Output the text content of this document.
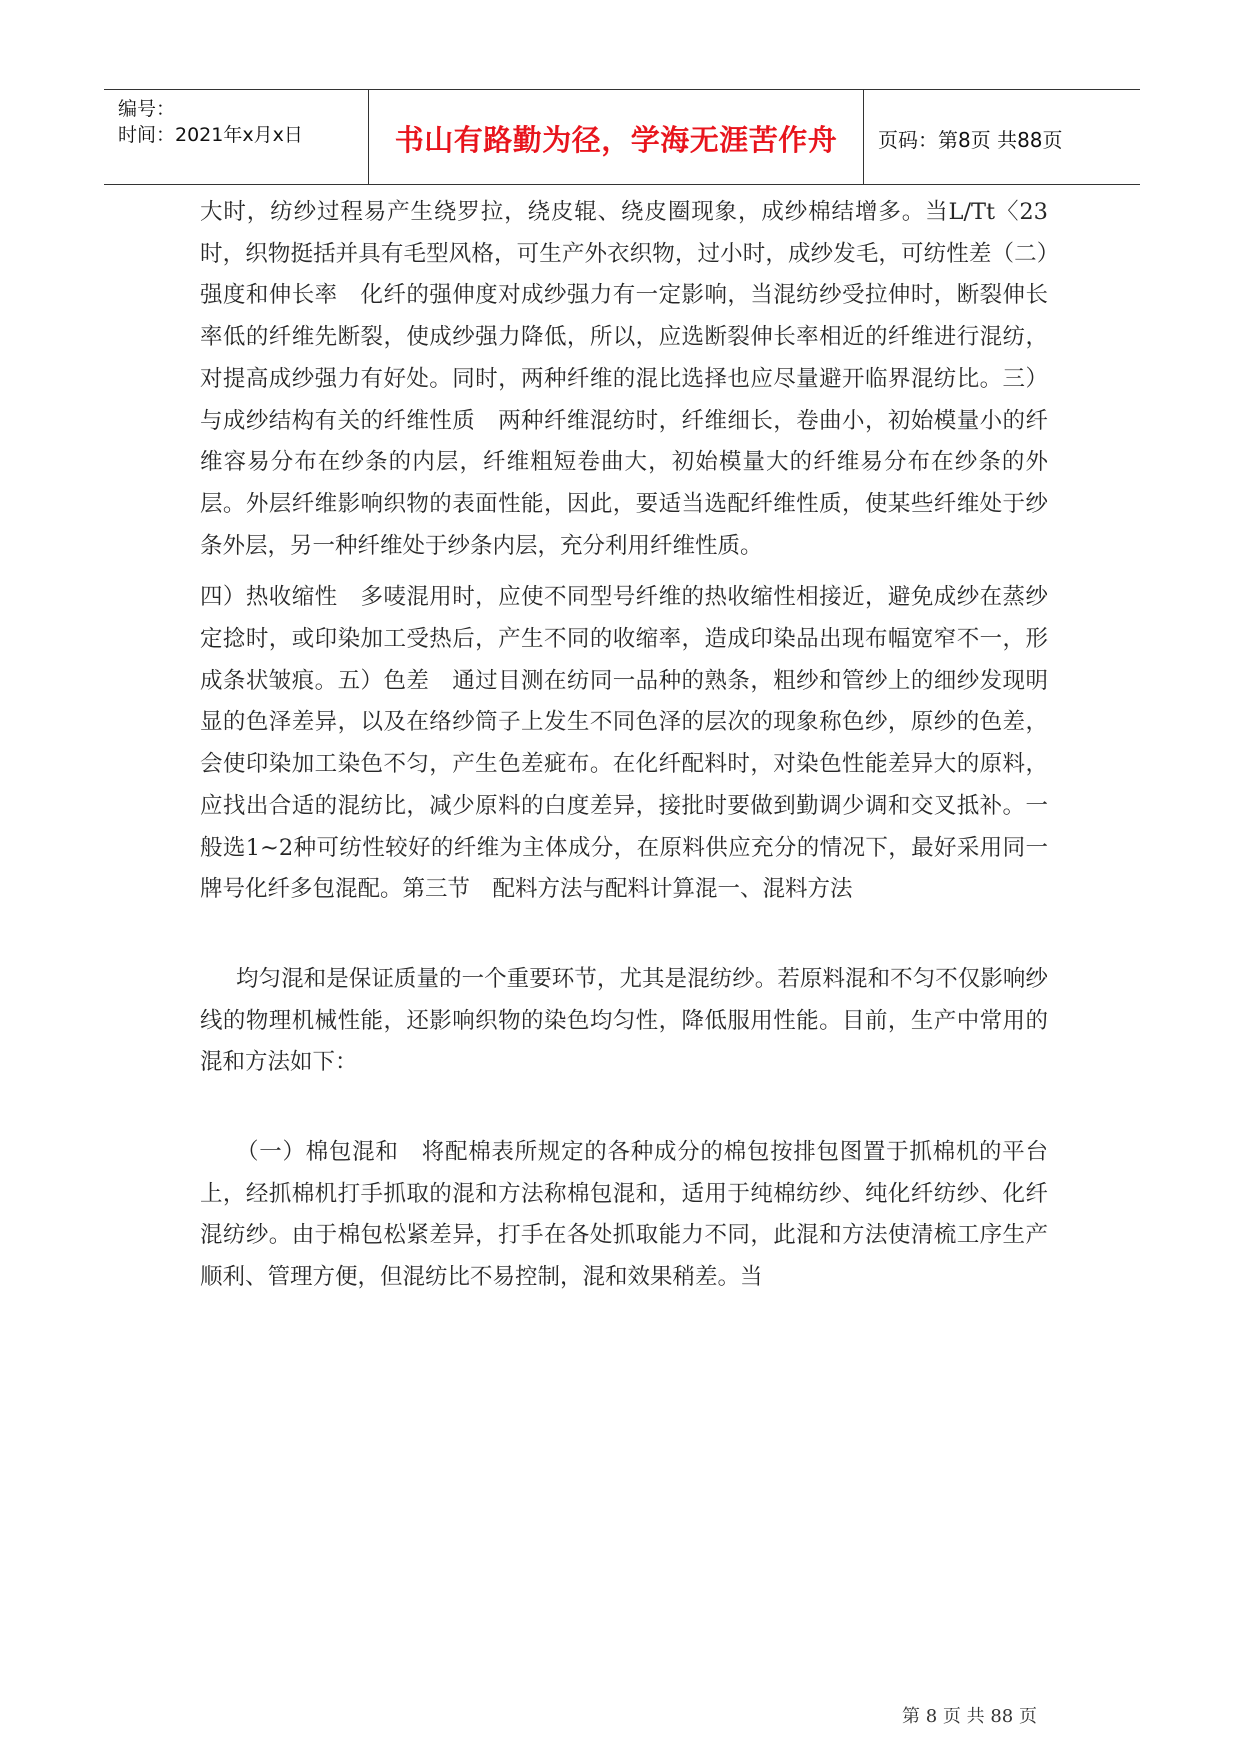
编号：
时间：2021年x月x日	书山有路勤为径，学海无涯苦作舟	页码：第8页 共88页

大时，纺纱过程易产生绕罗拉，绕皮辊、绕皮圈现象，成纱棉结增多。当L/Tt〈23时，织物挺括并具有毛型风格，可生产外衣织物，过小时，成纱发毛，可纺性差（二）强度和伸长率　化纤的强伸度对成纱强力有一定影响，当混纺纱受拉伸时，断裂伸长率低的纤维先断裂，使成纱强力降低，所以，应选断裂伸长率相近的纤维进行混纺，对提高成纱强力有好处。同时，两种纤维的混比选择也应尽量避开临界混纺比。三）与成纱结构有关的纤维性质　两种纤维混纺时，纤维细长，卷曲小，初始模量小的纤维容易分布在纱条的内层，纤维粗短卷曲大，初始模量大的纤维易分布在纱条的外层。外层纤维影响织物的表面性能，因此，要适当选配纤维性质，使某些纤维处于纱条外层，另一种纤维处于纱条内层，充分利用纤维性质。

四）热收缩性　多唛混用时，应使不同型号纤维的热收缩性相接近，避免成纱在蒸纱定捻时，或印染加工受热后，产生不同的收缩率，造成印染品出现布幅宽窄不一，形成条状皱痕。五）色差　通过目测在纺同一品种的熟条，粗纱和管纱上的细纱发现明显的色泽差异，以及在络纱筒子上发生不同色泽的层次的现象称色纱，原纱的色差，会使印染加工染色不匀，产生色差疵布。在化纤配料时，对染色性能差异大的原料，应找出合适的混纺比，减少原料的白度差异，接批时要做到勤调少调和交叉抵补。一般选1~2种可纺性较好的纤维为主体成分，在原料供应充分的情况下，最好采用同一牌号化纤多包混配。第三节　配料方法与配料计算混一、混料方法

均匀混和是保证质量的一个重要环节，尤其是混纺纱。若原料混和不匀不仅影响纱线的物理机械性能，还影响织物的染色均匀性，降低服用性能。目前，生产中常用的混和方法如下：

（一）棉包混和　将配棉表所规定的各种成分的棉包按排包图置于抓棉机的平台上，经抓棉机打手抓取的混和方法称棉包混和，适用于纯棉纺纱、纯化纤纺纱、化纤混纺纱。由于棉包松紧差异，打手在各处抓取能力不同，此混和方法使清梳工序生产顺利、管理方便，但混纺比不易控制，混和效果稍差。当

第 8 页 共 88 页
